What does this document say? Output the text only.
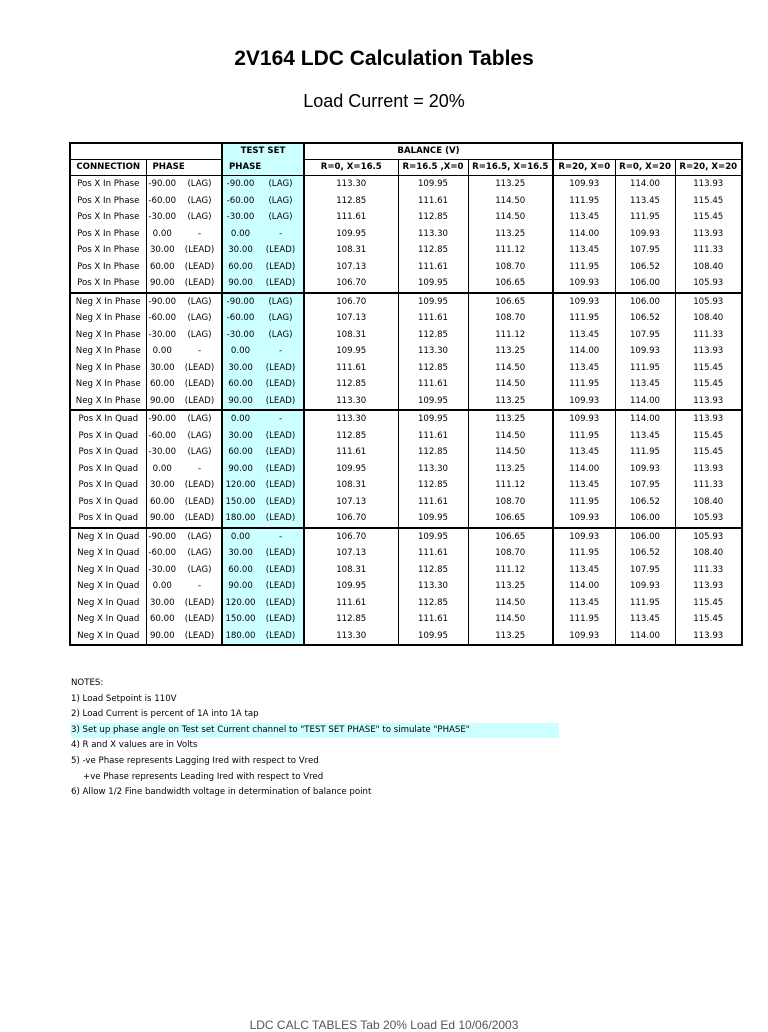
2V164 LDC Calculation Tables
Load Current = 20%
			TEST SET		BALANCE (V)					
CONNECTION	PHASE		PHASE		R=0, X=16.5	R=16.5 ,X=0	R=16.5, X=16.5	R=20, X=0	R=0, X=20	R=20, X=20
Pos X In Phase	-90.00	(LAG)	-90.00	(LAG)	113.30	109.95	113.25	109.93	114.00	113.93
Pos X In Phase	-60.00	(LAG)	-60.00	(LAG)	112.85	111.61	114.50	111.95	113.45	115.45
Pos X In Phase	-30.00	(LAG)	-30.00	(LAG)	111.61	112.85	114.50	113.45	111.95	115.45
Pos X In Phase	0.00	-	0.00	-	109.95	113.30	113.25	114.00	109.93	113.93
Pos X In Phase	30.00	(LEAD)	30.00	(LEAD)	108.31	112.85	111.12	113.45	107.95	111.33
Pos X In Phase	60.00	(LEAD)	60.00	(LEAD)	107.13	111.61	108.70	111.95	106.52	108.40
Pos X In Phase	90.00	(LEAD)	90.00	(LEAD)	106.70	109.95	106.65	109.93	106.00	105.93
Neg X In Phase	-90.00	(LAG)	-90.00	(LAG)	106.70	109.95	106.65	109.93	106.00	105.93
Neg X In Phase	-60.00	(LAG)	-60.00	(LAG)	107.13	111.61	108.70	111.95	106.52	108.40
Neg X In Phase	-30.00	(LAG)	-30.00	(LAG)	108.31	112.85	111.12	113.45	107.95	111.33
Neg X In Phase	0.00	-	0.00	-	109.95	113.30	113.25	114.00	109.93	113.93
Neg X In Phase	30.00	(LEAD)	30.00	(LEAD)	111.61	112.85	114.50	113.45	111.95	115.45
Neg X In Phase	60.00	(LEAD)	60.00	(LEAD)	112.85	111.61	114.50	111.95	113.45	115.45
Neg X In Phase	90.00	(LEAD)	90.00	(LEAD)	113.30	109.95	113.25	109.93	114.00	113.93
Pos X In Quad	-90.00	(LAG)	0.00	-	113.30	109.95	113.25	109.93	114.00	113.93
Pos X In Quad	-60.00	(LAG)	30.00	(LEAD)	112.85	111.61	114.50	111.95	113.45	115.45
Pos X In Quad	-30.00	(LAG)	60.00	(LEAD)	111.61	112.85	114.50	113.45	111.95	115.45
Pos X In Quad	0.00	-	90.00	(LEAD)	109.95	113.30	113.25	114.00	109.93	113.93
Pos X In Quad	30.00	(LEAD)	120.00	(LEAD)	108.31	112.85	111.12	113.45	107.95	111.33
Pos X In Quad	60.00	(LEAD)	150.00	(LEAD)	107.13	111.61	108.70	111.95	106.52	108.40
Pos X In Quad	90.00	(LEAD)	180.00	(LEAD)	106.70	109.95	106.65	109.93	106.00	105.93
Neg X In Quad	-90.00	(LAG)	0.00	-	106.70	109.95	106.65	109.93	106.00	105.93
Neg X In Quad	-60.00	(LAG)	30.00	(LEAD)	107.13	111.61	108.70	111.95	106.52	108.40
Neg X In Quad	-30.00	(LAG)	60.00	(LEAD)	108.31	112.85	111.12	113.45	107.95	111.33
Neg X In Quad	0.00	-	90.00	(LEAD)	109.95	113.30	113.25	114.00	109.93	113.93
Neg X In Quad	30.00	(LEAD)	120.00	(LEAD)	111.61	112.85	114.50	113.45	111.95	115.45
Neg X In Quad	60.00	(LEAD)	150.00	(LEAD)	112.85	111.61	114.50	111.95	113.45	115.45
Neg X In Quad	90.00	(LEAD)	180.00	(LEAD)	113.30	109.95	113.25	109.93	114.00	113.93
NOTES:
1) Load Setpoint is 110V
2) Load Current is percent of 1A into 1A tap
3) Set up phase angle on Test set Current channel to "TEST SET PHASE" to simulate "PHASE"
4) R and X values are in Volts
5) -ve Phase represents Lagging Ired with respect to Vred
+ve Phase represents Leading Ired with respect to Vred
6) Allow 1/2 Fine bandwidth voltage in determination of balance point
LDC CALC TABLES Tab 20% Load Ed 10/06/2003
